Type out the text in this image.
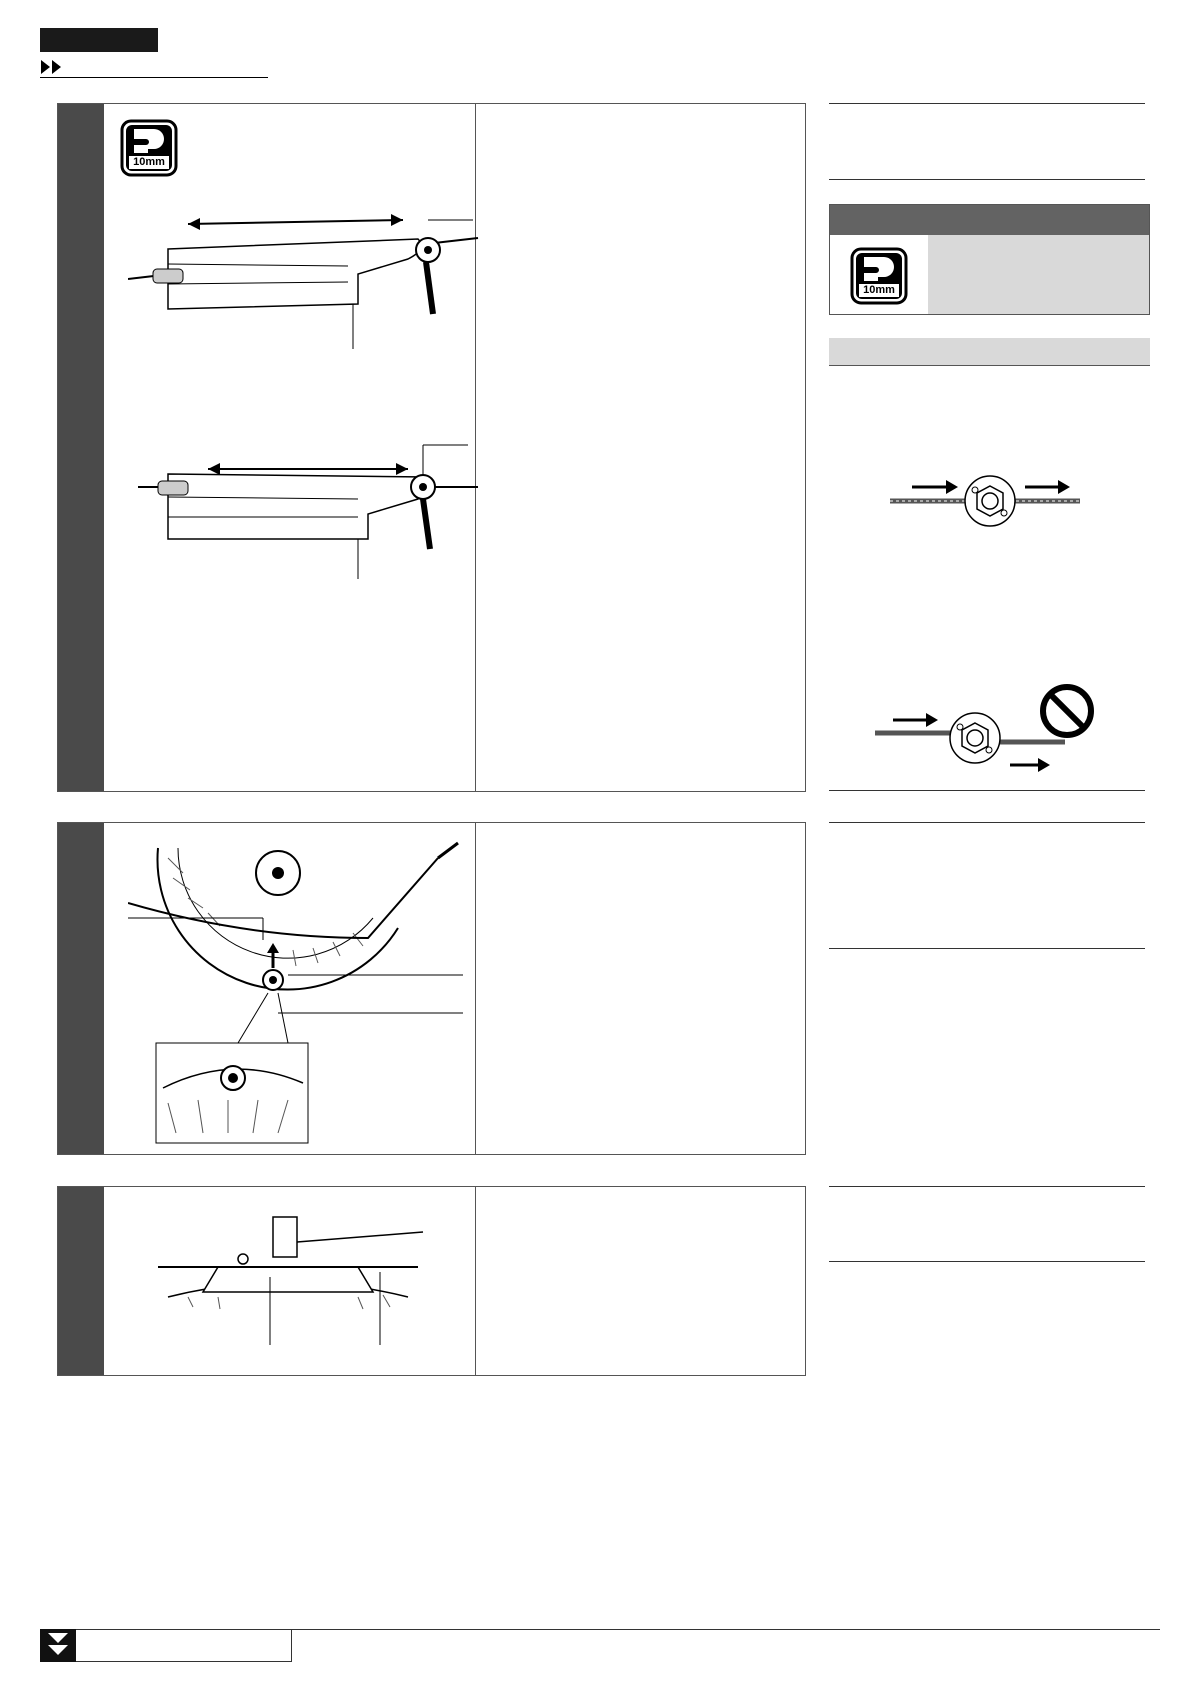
10mm
10mm
